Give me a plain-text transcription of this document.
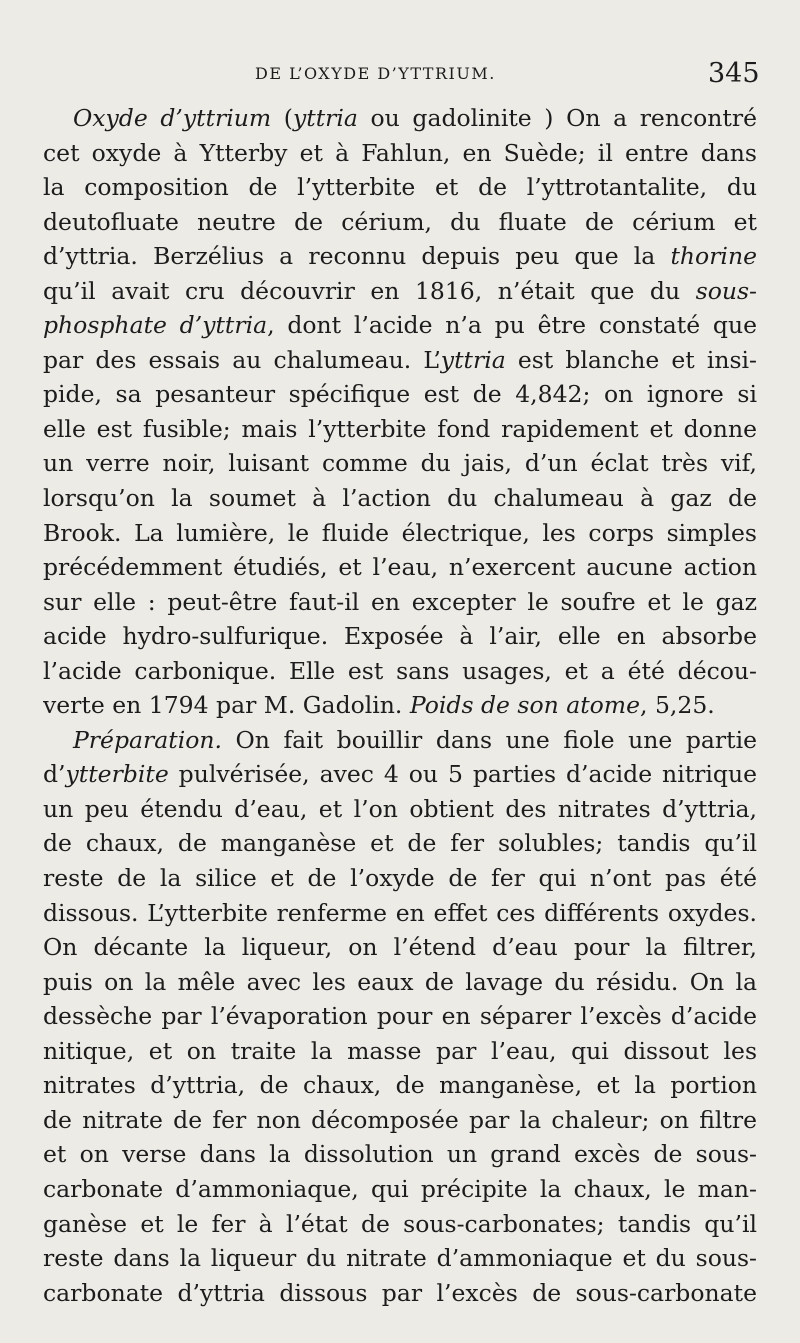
DE L’OXYDE D’YTTRIUM.	345
Oxyde d’yttrium (yttria ou gadolinite ) On a rencontré
cet oxyde à Ytterby et à Fahlun, en Suède; il entre dans
la composition de l’ytterbite et de l’yttrotantalite, du
deutofluate neutre de cérium, du fluate de cérium et
d’yttria. Berzélius a reconnu depuis peu que la thorine
qu’il avait cru découvrir en 1816, n’était que du sous-
phosphate d’yttria, dont l’acide n’a pu être constaté que
par des essais au chalumeau. L’yttria est blanche et insi-
pide, sa pesanteur spécifique est de 4,842; on ignore si
elle est fusible; mais l’ytterbite fond rapidement et donne
un verre noir, luisant comme du jais, d’un éclat très vif,
lorsqu’on la soumet à l’action du chalumeau à gaz de
Brook. La lumière, le fluide électrique, les corps simples
précédemment étudiés, et l’eau, n’exercent aucune action
sur elle : peut-être faut-il en excepter le soufre et le gaz
acide hydro-sulfurique. Exposée à l’air, elle en absorbe
l’acide carbonique. Elle est sans usages, et a été décou-
verte en 1794 par M. Gadolin. Poids de son atome, 5,25.
Préparation. On fait bouillir dans une fiole une partie
d’ytterbite pulvérisée, avec 4 ou 5 parties d’acide nitrique
un peu étendu d’eau, et l’on obtient des nitrates d’yttria,
de chaux, de manganèse et de fer solubles; tandis qu’il
reste de la silice et de l’oxyde de fer qui n’ont pas été
dissous. L’ytterbite renferme en effet ces différents oxydes.
On décante la liqueur, on l’étend d’eau pour la filtrer,
puis on la mêle avec les eaux de lavage du résidu. On la
dessèche par l’évaporation pour en séparer l’excès d’acide
nitique, et on traite la masse par l’eau, qui dissout les
nitrates d’yttria, de chaux, de manganèse, et la portion
de nitrate de fer non décomposée par la chaleur; on filtre
et on verse dans la dissolution un grand excès de sous-
carbonate d’ammoniaque, qui précipite la chaux, le man-
ganèse et le fer à l’état de sous-carbonates; tandis qu’il
reste dans la liqueur du nitrate d’ammoniaque et du sous-
carbonate d’yttria dissous par l’excès de sous-carbonate
